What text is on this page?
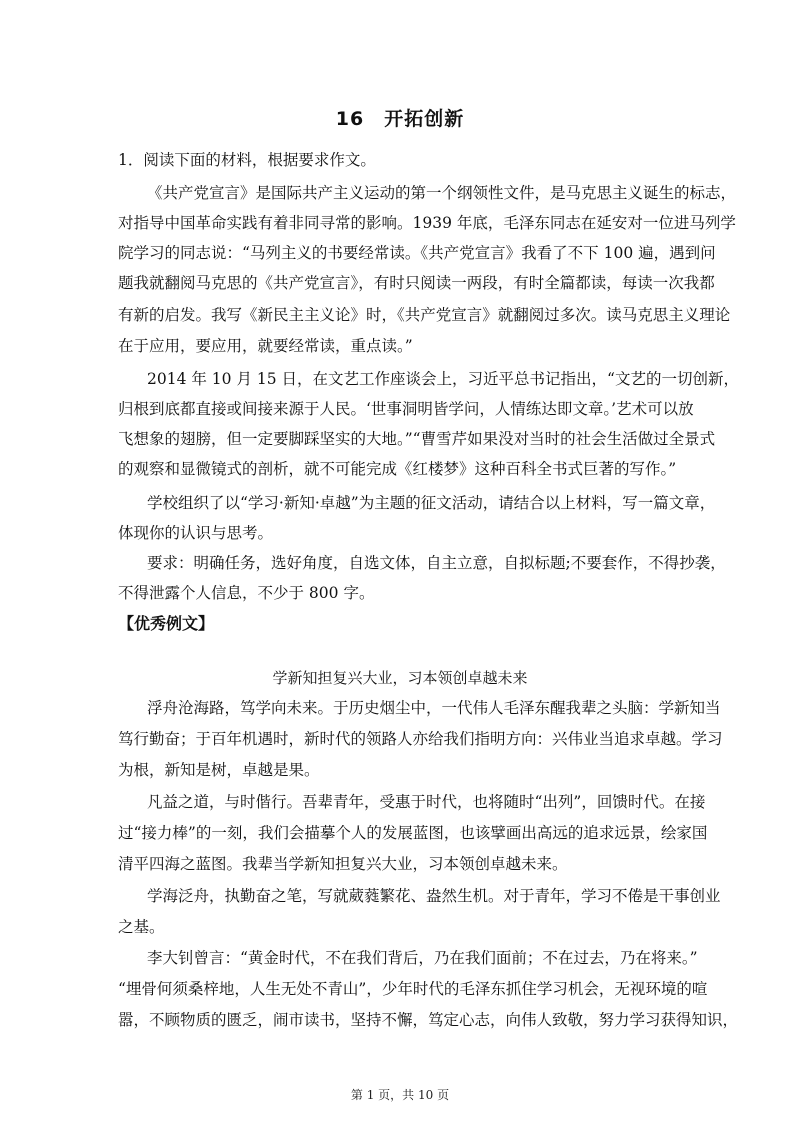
16　开拓创新
1．阅读下面的材料，根据要求作文。
《共产党宣言》是国际共产主义运动的第一个纲领性文件，是马克思主义诞生的标志，
对指导中国革命实践有着非同寻常的影响。1939 年底，毛泽东同志在延安对一位进马列学
院学习的同志说：“马列主义的书要经常读。《共产党宣言》我看了不下 100 遍，遇到问
题我就翻阅马克思的《共产党宣言》，有时只阅读一两段，有时全篇都读，每读一次我都
有新的启发。我写《新民主主义论》时，《共产党宣言》就翻阅过多次。读马克思主义理论
在于应用，要应用，就要经常读，重点读。”
2014 年 10 月 15 日，在文艺工作座谈会上，习近平总书记指出，“文艺的一切创新，
归根到底都直接或间接来源于人民。‘世事洞明皆学问，人情练达即文章。’艺术可以放
飞想象的翅膀，但一定要脚踩坚实的大地。”“曹雪芹如果没对当时的社会生活做过全景式
的观察和显微镜式的剖析，就不可能完成《红楼梦》这种百科全书式巨著的写作。”
学校组织了以“学习·新知·卓越”为主题的征文活动，请结合以上材料，写一篇文章，
体现你的认识与思考。
要求：明确任务，选好角度，自选文体，自主立意，自拟标题;不要套作，不得抄袭，
不得泄露个人信息，不少于 800 字。
【优秀例文】
学新知担复兴大业，习本领创卓越未来
浮舟沧海路，笃学向未来。于历史烟尘中，一代伟人毛泽东醒我辈之头脑：学新知当
笃行勤奋；于百年机遇时，新时代的领路人亦给我们指明方向：兴伟业当追求卓越。学习
为根，新知是树，卓越是果。
凡益之道，与时偕行。吾辈青年，受惠于时代，也将随时“出列”，回馈时代。在接
过“接力棒”的一刻，我们会描摹个人的发展蓝图，也该擘画出高远的追求远景，绘家国
清平四海之蓝图。我辈当学新知担复兴大业，习本领创卓越未来。
学海泛舟，执勤奋之笔，写就葳蕤繁花、盎然生机。对于青年，学习不倦是干事创业
之基。
李大钊曾言：“黄金时代，不在我们背后，乃在我们面前；不在过去，乃在将来。”
“埋骨何须桑梓地，人生无处不青山”，少年时代的毛泽东抓住学习机会，无视环境的喧
嚣，不顾物质的匮乏，闹市读书，坚持不懈，笃定心志，向伟人致敬，努力学习获得知识，
第 1 页，共 10 页
